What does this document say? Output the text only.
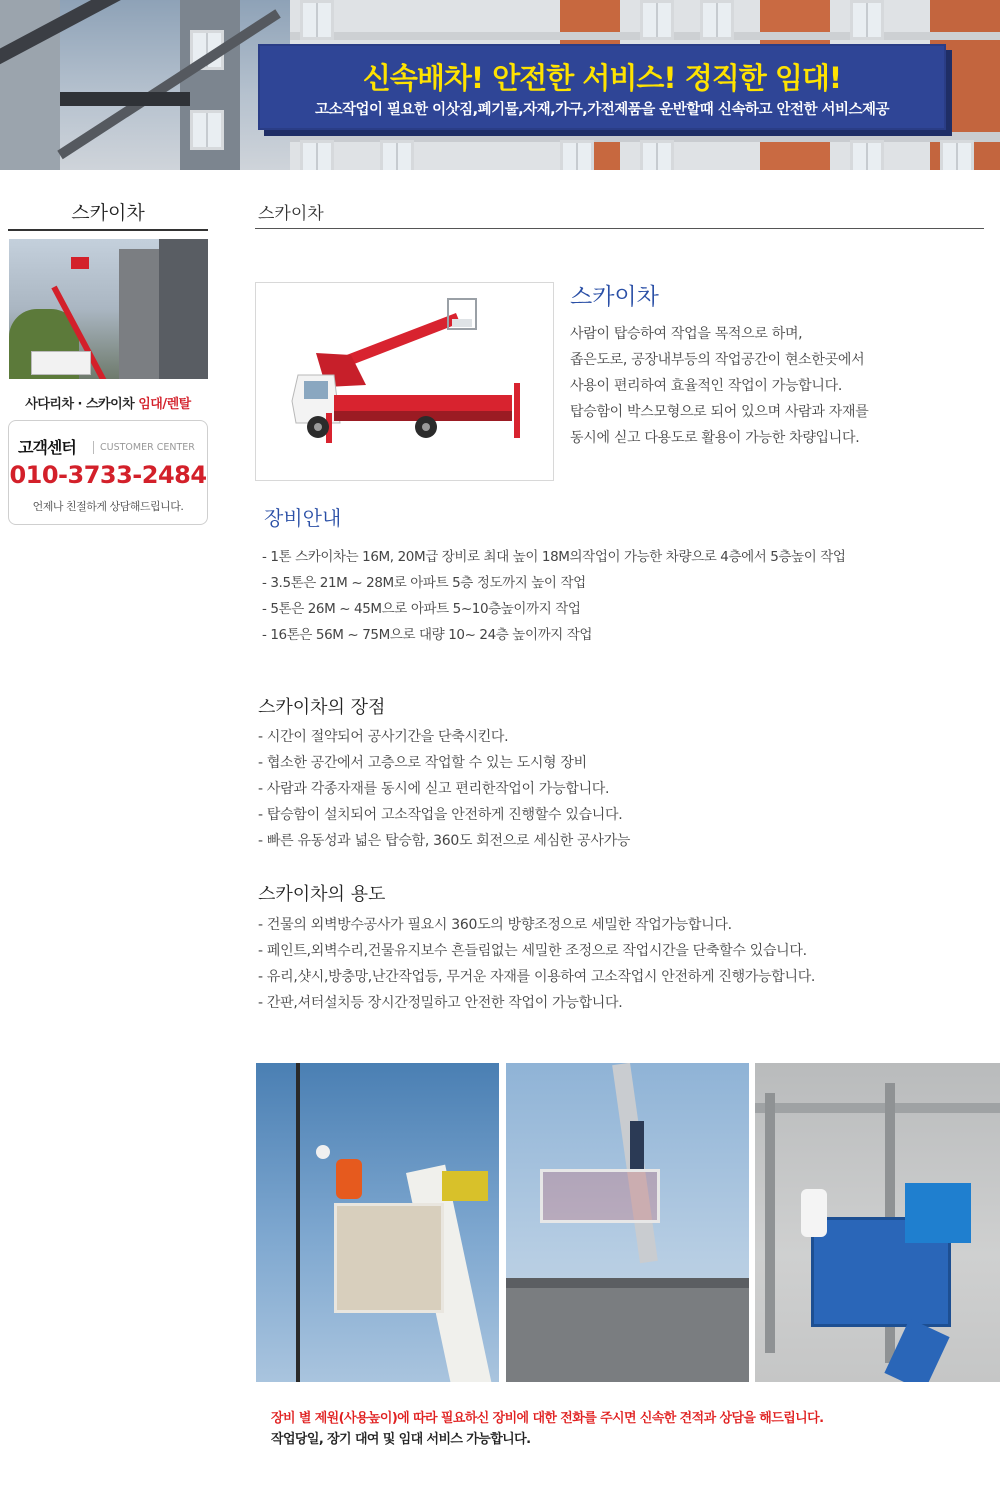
신속배차! 안전한 서비스! 정직한 임대!
고소작업이 필요한 이삿짐,폐기물,자재,가구,가전제품을 운반할때 신속하고 안전한 서비스제공
스카이차
사다리차 · 스카이차 임대/렌탈
고객센터	CUSTOMER CENTER
010-3733-2484
언제나 친절하게 상담해드립니다.
스카이차
스카이차
사람이 탑승하여 작업을 목적으로 하며,
좁은도로, 공장내부등의 작업공간이 현소한곳에서
사용이 편리하여 효율적인 작업이 가능합니다.
탑승함이 박스모형으로 되어 있으며 사람과 자재를
동시에 싣고 다용도로 활용이 가능한 차량입니다.
장비안내
- 1톤 스카이차는 16M, 20M급 장비로 최대 높이 18M의작업이 가능한 차량으로 4층에서 5층높이 작업
- 3.5톤은 21M ~ 28M로 아파트 5층 정도까지 높이 작업
- 5톤은 26M ~ 45M으로 아파트 5~10층높이까지 작업
- 16톤은 56M ~ 75M으로 대량 10~ 24층 높이까지 작업
스카이차의 장점
- 시간이 절약되어 공사기간을 단축시킨다.
- 협소한 공간에서 고층으로 작업할 수 있는 도시형 장비
- 사람과 각종자재를 동시에 싣고 편리한작업이 가능합니다.
- 탑승함이 설치되어 고소작업을 안전하게 진행할수 있습니다.
- 빠른 유동성과 넓은 탑승함, 360도 회전으로 세심한 공사가능
스카이차의 용도
- 건물의 외벽방수공사가 필요시 360도의 방향조정으로 세밀한 작업가능합니다.
- 페인트,외벽수리,건물유지보수 흔들림없는 세밀한 조정으로 작업시간을 단축할수 있습니다.
- 유리,샷시,방충망,난간작업등, 무거운 자재를 이용하여 고소작업시 안전하게 진행가능합니다.
- 간판,셔터설치등 장시간정밀하고 안전한 작업이 가능합니다.
장비 별 제원(사용높이)에 따라 필요하신 장비에 대한 전화를 주시면 신속한 견적과 상담을 해드립니다.
작업당일, 장기 대여 및 임대 서비스 가능합니다.
